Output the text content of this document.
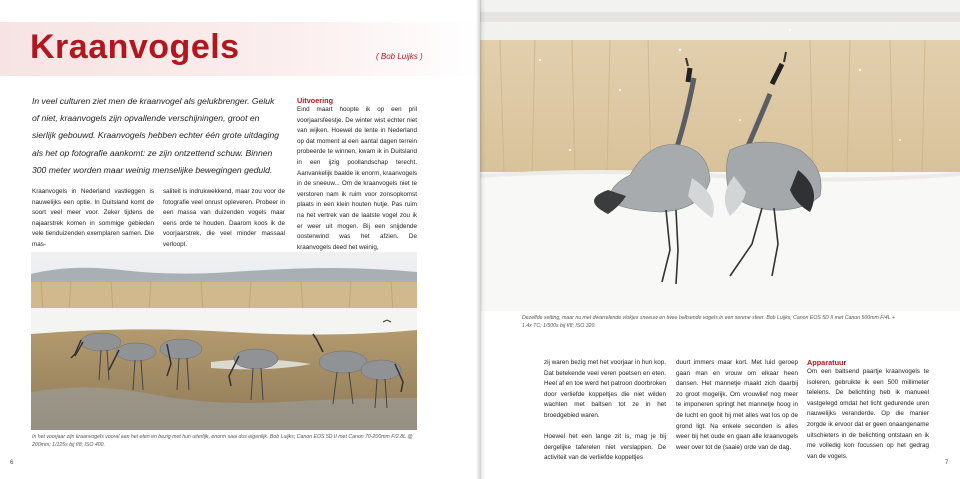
Kraanvogels	( Bob Luijks )
In veel culturen ziet men de kraanvogel als gelukbrenger. Geluk of niet, kraanvogels zijn opvallende verschijningen, groot en sierlijk gebouwd. Kraanvogels hebben echter één grote uitdaging als het op fotografie aankomt: ze zijn ontzettend schuw. Binnen 300 meter worden maar weinig menselijke bewegingen geduld.
Kraanvogels in Nederland vastleggen is nauwelijks een optie. In Duitsland komt de soort veel meer voor. Zeker tijdens de najaarstrek komen in sommige gebieden vele tienduizenden exemplaren samen. Die mas-
saliteit is indrukwekkend, maar zou voor de fotografie veel onrust opleveren. Probeer in een massa van duizenden vogels maar eens orde te houden. Daarom koos ik de voorjaarstrek, die veel minder massaal verloopt.
Uitvoering
Eind maart hoopte ik op een pril voorjaarsfeestje. De winter wist echter niet van wijken. Hoewel de lente in Nederland op dat moment al een aantal dagen terrein probeerde te winnen, kwam ik in Duitsland in een ijzig poollandschap terecht. Aanvankelijk baalde ik enorm, kraanvogels in de sneeuw... Om de kraanvogels niet te verstoren nam ik ruim voor zonsopkomst plaats in een klein houten hutje. Pas ruim na het vertrek van de laatste vogel zou ik er weer uit mogen. Bij een snijdende oostenwind was het afzien. De kraanvogels deed het weinig,
In het voorjaar zijn kraanvogels vooral aan het eten en bezig met hun uiterlijk, enorm saai dus eigenlijk. Bob Luijks; Canon EOS 5D II met Canon 70-200mm F/2.8L @ 200mm; 1/125s bij f/8; ISO 400.
6
Dezelfde setting, maar nu met dwarrelende vlokjes sneeuw en twee baltsende vogels in een serene sfeer. Bob Luijks; Canon EOS 5D II met Canon 500mm F/4L + 1.4x TC; 1/500s bij f/8; ISO 320.
zij waren bezig met het voorjaar in hun kop. Dat betekende veel veren poetsen en eten. Heel af en toe werd het patroon doorbroken door verliefde koppeltjes die niet wilden wachten met baltsen tot ze in het broedgebied waren.

Hoewel het een lange zit is, mag je bij dergelijke taferelen niet verslappen. De activiteit van de verliefde koppeltjes
duurt immers maar kort. Met luid geroep gaan man en vrouw om elkaar heen dansen. Het mannetje maakt zich daarbij zo groot mogelijk. Om vrouwlief nog meer te imponeren springt het mannetje hoog in de lucht en gooit hij met alles wat los op de grond ligt. Na enkele seconden is alles weer bij het oude en gaan alle kraanvogels weer over tot de (saaie) orde van de dag.
Apparatuur
Om een baltsend paartje kraanvogels te isoleren, gebruikte ik een 500 millimeter telelens. De belichting heb ik manueel vastgelegd omdat het licht gedurende uren nauwelijks veranderde. Op die manier zorgde ik ervoor dat er geen onaangename uitschieters in de belichting ontstaan en ik me volledig kon focussen op het gedrag van de vogels.
7
